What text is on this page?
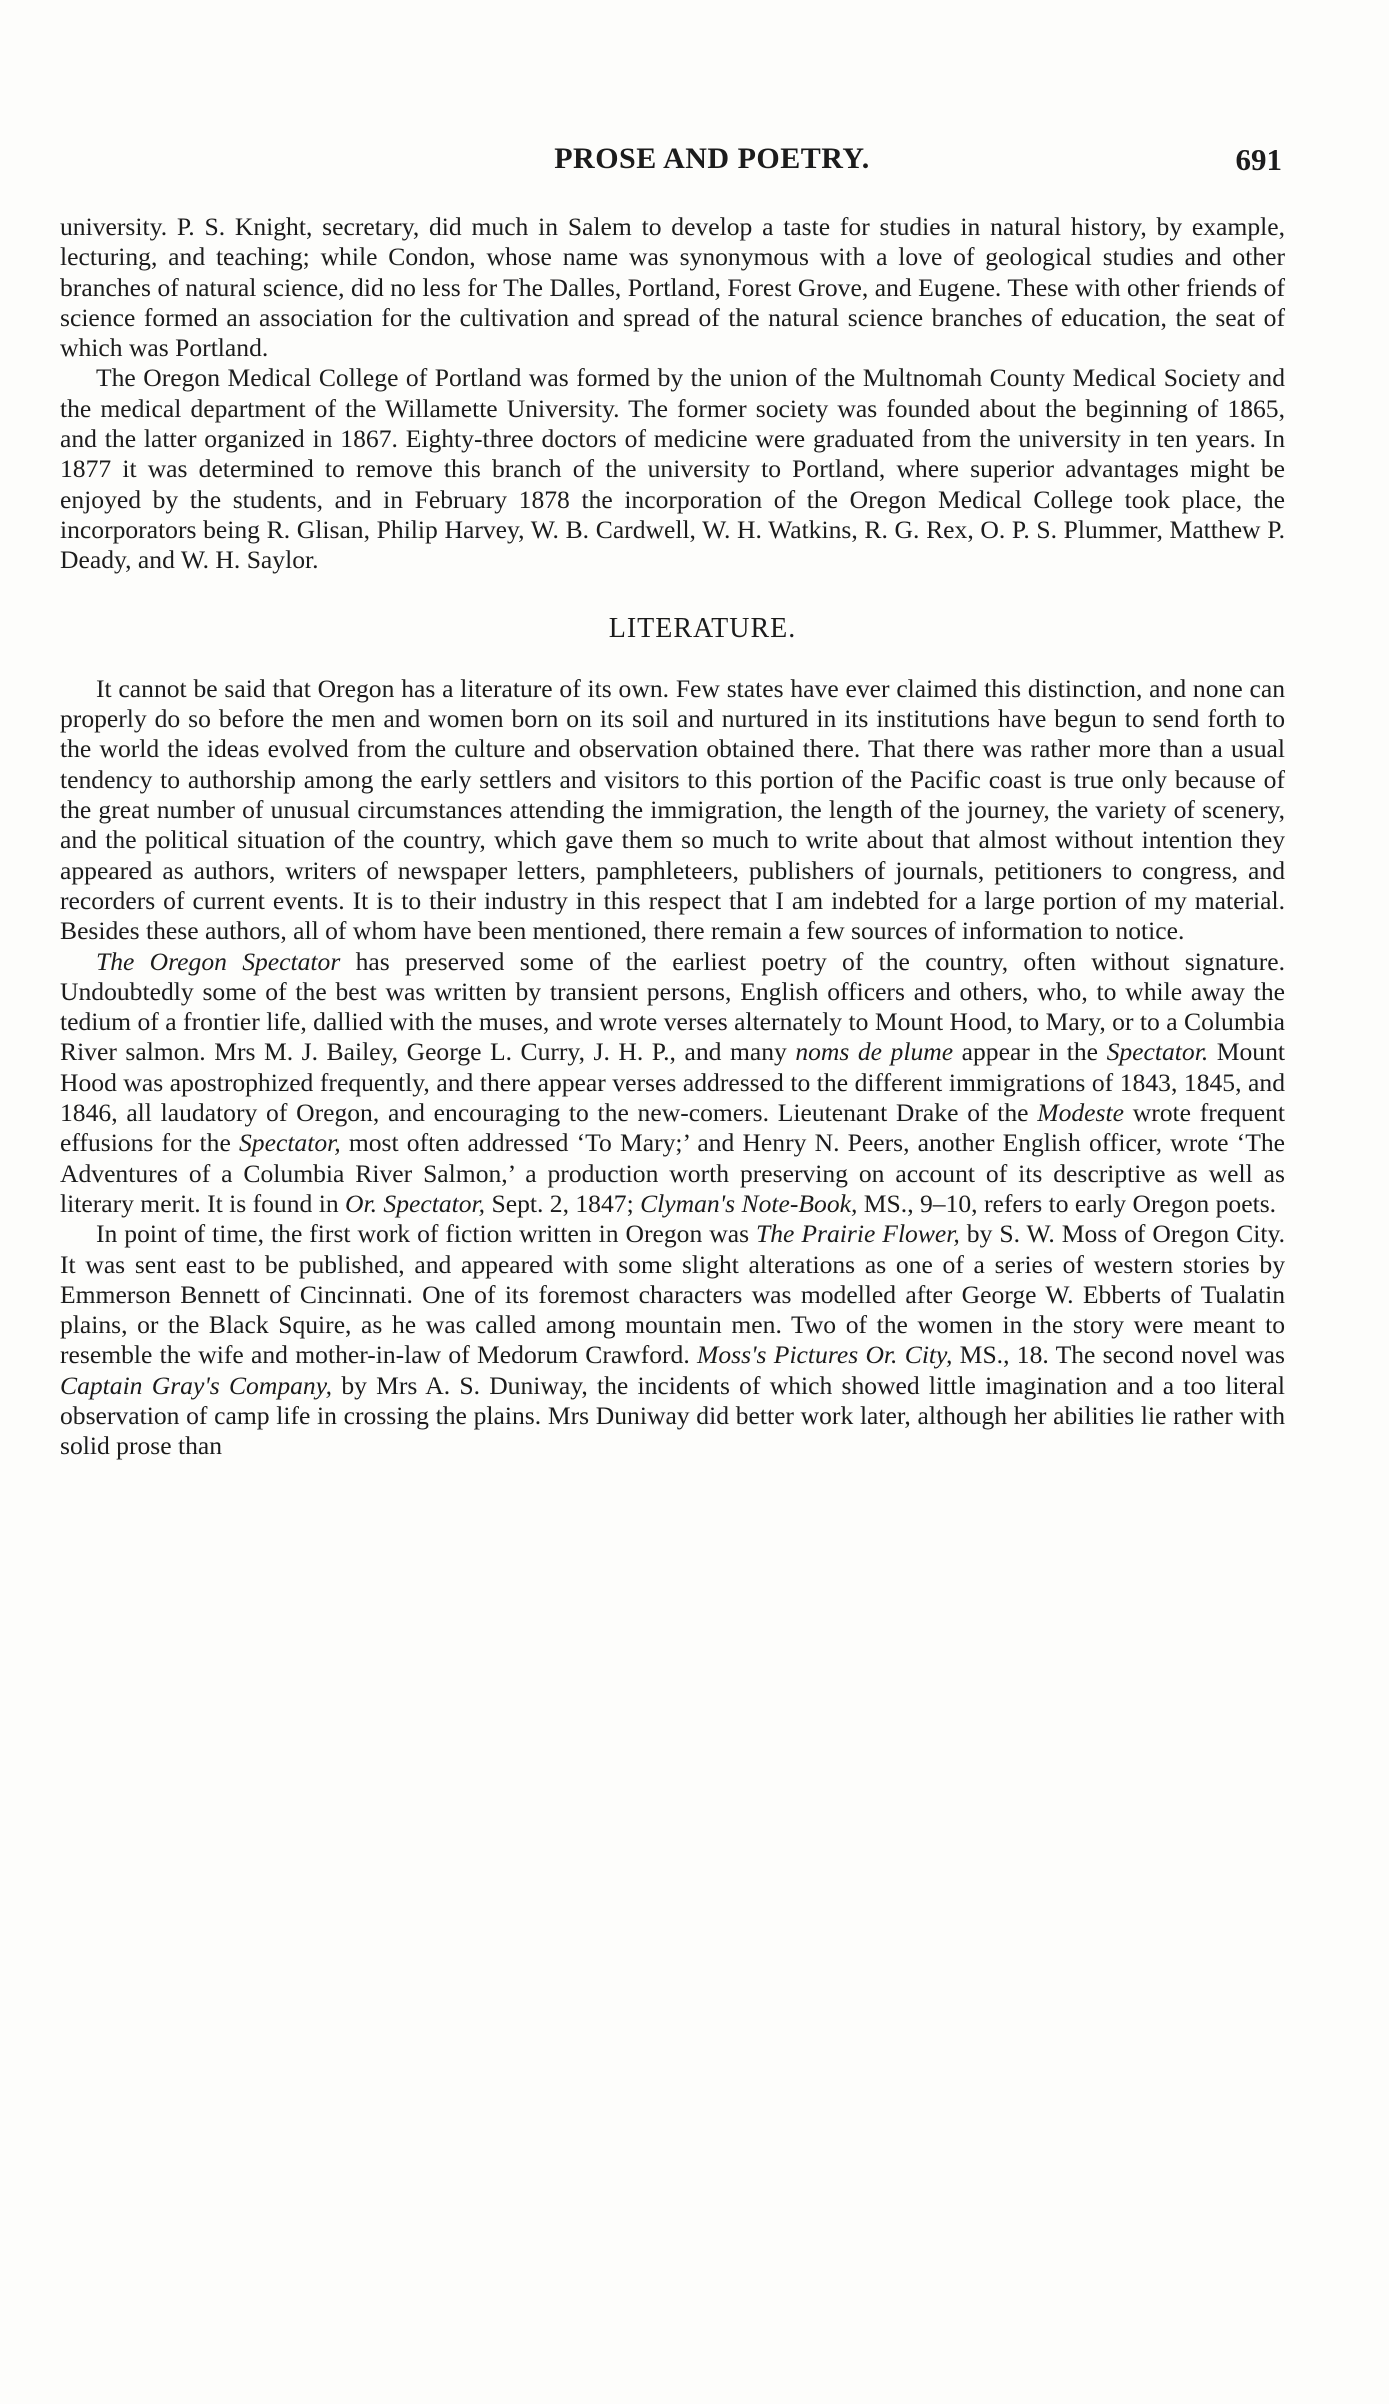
PROSE AND POETRY.	691

university. P. S. Knight, secretary, did much in Salem to develop a taste for studies in natural history, by example, lecturing, and teaching; while Condon, whose name was synonymous with a love of geological studies and other branches of natural science, did no less for The Dalles, Portland, Forest Grove, and Eugene. These with other friends of science formed an association for the cultivation and spread of the natural science branches of education, the seat of which was Portland.

The Oregon Medical College of Portland was formed by the union of the Multnomah County Medical Society and the medical department of the Willamette University. The former society was founded about the beginning of 1865, and the latter organized in 1867. Eighty-three doctors of medicine were graduated from the university in ten years. In 1877 it was determined to remove this branch of the university to Portland, where superior advantages might be enjoyed by the students, and in February 1878 the incorporation of the Oregon Medical College took place, the incorporators being R. Glisan, Philip Harvey, W. B. Cardwell, W. H. Watkins, R. G. Rex, O. P. S. Plummer, Matthew P. Deady, and W. H. Saylor.

LITERATURE.

It cannot be said that Oregon has a literature of its own. Few states have ever claimed this distinction, and none can properly do so before the men and women born on its soil and nurtured in its institutions have begun to send forth to the world the ideas evolved from the culture and observation obtained there. That there was rather more than a usual tendency to authorship among the early settlers and visitors to this portion of the Pacific coast is true only because of the great number of unusual circumstances attending the immigration, the length of the journey, the variety of scenery, and the political situation of the country, which gave them so much to write about that almost without intention they appeared as authors, writers of newspaper letters, pamphleteers, publishers of journals, petitioners to congress, and recorders of current events. It is to their industry in this respect that I am indebted for a large portion of my material. Besides these authors, all of whom have been mentioned, there remain a few sources of information to notice.

The Oregon Spectator has preserved some of the earliest poetry of the country, often without signature. Undoubtedly some of the best was written by transient persons, English officers and others, who, to while away the tedium of a frontier life, dallied with the muses, and wrote verses alternately to Mount Hood, to Mary, or to a Columbia River salmon. Mrs M. J. Bailey, George L. Curry, J. H. P., and many noms de plume appear in the Spectator. Mount Hood was apostrophized frequently, and there appear verses addressed to the different immigrations of 1843, 1845, and 1846, all laudatory of Oregon, and encouraging to the new-comers. Lieutenant Drake of the Modeste wrote frequent effusions for the Spectator, most often addressed ‘To Mary;’ and Henry N. Peers, another English officer, wrote ‘The Adventures of a Columbia River Salmon,’ a production worth preserving on account of its descriptive as well as literary merit. It is found in Or. Spectator, Sept. 2, 1847; Clyman's Note-Book, MS., 9–10, refers to early Oregon poets.

In point of time, the first work of fiction written in Oregon was The Prairie Flower, by S. W. Moss of Oregon City. It was sent east to be published, and appeared with some slight alterations as one of a series of western stories by Emmerson Bennett of Cincinnati. One of its foremost characters was modelled after George W. Ebberts of Tualatin plains, or the Black Squire, as he was called among mountain men. Two of the women in the story were meant to resemble the wife and mother-in-law of Medorum Crawford. Moss's Pictures Or. City, MS., 18. The second novel was Captain Gray's Company, by Mrs A. S. Duniway, the incidents of which showed little imagination and a too literal observation of camp life in crossing the plains. Mrs Duniway did better work later, although her abilities lie rather with solid prose than
